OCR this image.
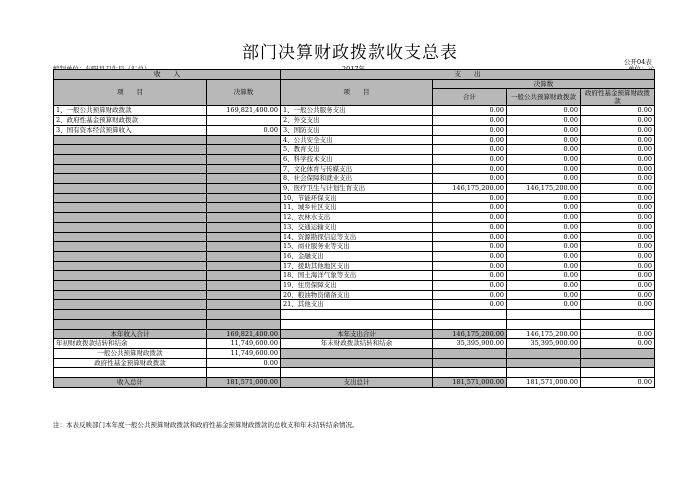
部门决算财政拨款收支总表	公开04表
收　　入		支　　出			
项　　目	决算数	项　　目	决算数		
			合计	一般公共预算财政拨款	政府性基金预算财政拨款

1、一般公共预算财政拨款	169,821,400.00	1、一般公共服务支出	0.00	0.00	0.00
2、政府性基金预算财政拨款		2、外交支出	0.00	0.00	0.00
3、国有资本经营预算收入	0.00	3、国防支出	0.00	0.00	0.00
		4、公共安全支出	0.00	0.00	0.00
		5、教育支出	0.00	0.00	0.00
		6、科学技术支出	0.00	0.00	0.00
		7、文化体育与传媒支出	0.00	0.00	0.00
		8、社会保障和就业支出	0.00	0.00	0.00
		9、医疗卫生与计划生育支出	146,175,200.00	146,175,200.00	0.00
		10、节能环保支出	0.00	0.00	0.00
		11、城乡社区支出	0.00	0.00	0.00
		12、农林水支出	0.00	0.00	0.00
		13、交通运输支出	0.00	0.00	0.00
		14、资源勘探信息等支出	0.00	0.00	0.00
		15、商业服务业等支出	0.00	0.00	0.00
		16、金融支出	0.00	0.00	0.00
		17、援助其他地区支出	0.00	0.00	0.00
		18、国土海洋气象等支出	0.00	0.00	0.00
		19、住房保障支出	0.00	0.00	0.00
		20、粮油物资储备支出	0.00	0.00	0.00
		21、其他支出	0.00	0.00	0.00

本年收入合计	169,821,400.00	本年支出合计	146,175,200.00	146,175,200.00	0.00
年初财政拨款结转和结余	11,749,600.00	年末财政拨款结转和结余	35,395,900.00	35,395,900.00	0.00
一般公共预算财政拨款	11,749,600.00				
政府性基金预算财政拨款	0.00				

收入总计	181,571,000.00	支出总计	181,571,000.00	181,571,000.00	0.00
注：本表反映部门本年度一般公共预算财政拨款和政府性基金预算财政拨款的总收支和年末结转结余情况。
